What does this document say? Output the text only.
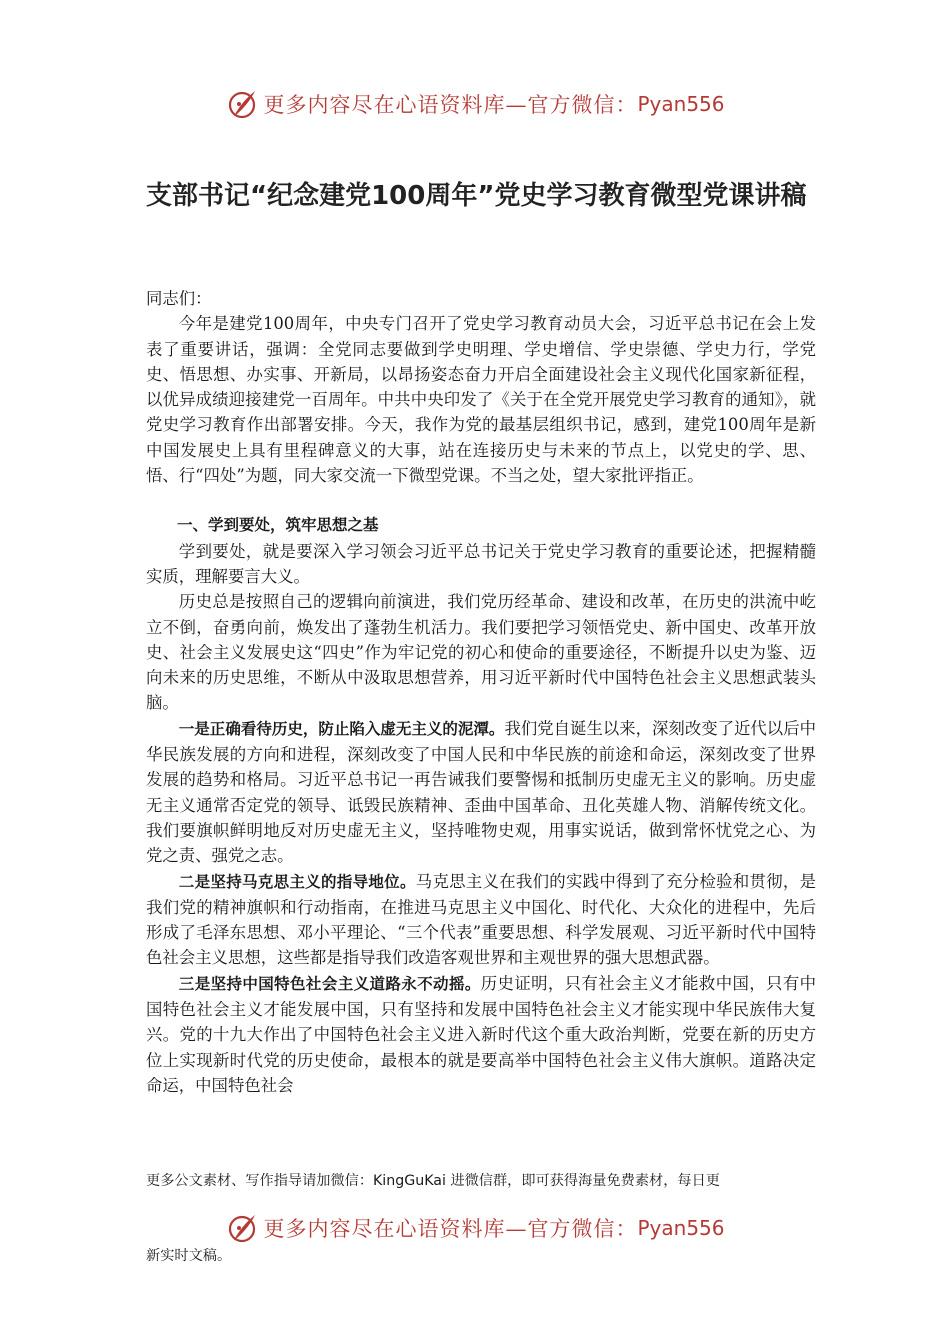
更多内容尽在心语资料库—官方微信： Pyan556
支部书记“纪念建党100周年”党史学习教育微型党课讲稿

同志们：

今年是建党100周年，中央专门召开了党史学习教育动员大会，习近平总书记在会上发表了重要讲话，强调：全党同志要做到学史明理、学史增信、学史崇德、学史力行，学党史、悟思想、办实事、开新局，以昂扬姿态奋力开启全面建设社会主义现代化国家新征程，以优异成绩迎接建党一百周年。中共中央印发了《关于在全党开展党史学习教育的通知》，就党史学习教育作出部署安排。今天，我作为党的最基层组织书记，感到，建党100周年是新中国发展史上具有里程碑意义的大事，站在连接历史与未来的节点上，以党史的学、思、悟、行“四处”为题，同大家交流一下微型党课。不当之处，望大家批评指正。

一、学到要处，筑牢思想之基

学到要处，就是要深入学习领会习近平总书记关于党史学习教育的重要论述，把握精髓实质，理解要言大义。

历史总是按照自己的逻辑向前演进，我们党历经革命、建设和改革，在历史的洪流中屹立不倒，奋勇向前，焕发出了蓬勃生机活力。我们要把学习领悟党史、新中国史、改革开放史、社会主义发展史这“四史”作为牢记党的初心和使命的重要途径，不断提升以史为鉴、迈向未来的历史思维，不断从中汲取思想营养，用习近平新时代中国特色社会主义思想武装头脑。

一是正确看待历史，防止陷入虚无主义的泥潭。我们党自诞生以来，深刻改变了近代以后中华民族发展的方向和进程，深刻改变了中国人民和中华民族的前途和命运，深刻改变了世界发展的趋势和格局。习近平总书记一再告诫我们要警惕和抵制历史虚无主义的影响。历史虚无主义通常否定党的领导、诋毁民族精神、歪曲中国革命、丑化英雄人物、消解传统文化。我们要旗帜鲜明地反对历史虚无主义，坚持唯物史观，用事实说话，做到常怀忧党之心、为党之责、强党之志。

二是坚持马克思主义的指导地位。马克思主义在我们的实践中得到了充分检验和贯彻，是我们党的精神旗帜和行动指南，在推进马克思主义中国化、时代化、大众化的进程中，先后形成了毛泽东思想、邓小平理论、“三个代表”重要思想、科学发展观、习近平新时代中国特色社会主义思想，这些都是指导我们改造客观世界和主观世界的强大思想武器。

三是坚持中国特色社会主义道路永不动摇。历史证明，只有社会主义才能救中国，只有中国特色社会主义才能发展中国，只有坚持和发展中国特色社会主义才能实现中华民族伟大复兴。党的十九大作出了中国特色社会主义进入新时代这个重大政治判断，党要在新的历史方位上实现新时代党的历史使命，最根本的就是要高举中国特色社会主义伟大旗帜。道路决定命运，中国特色社会

更多公文素材、写作指导请加微信：KingGuKai 进微信群，即可获得海量免费素材，每日更
更多内容尽在心语资料库—官方微信： Pyan556
新实时文稿。
